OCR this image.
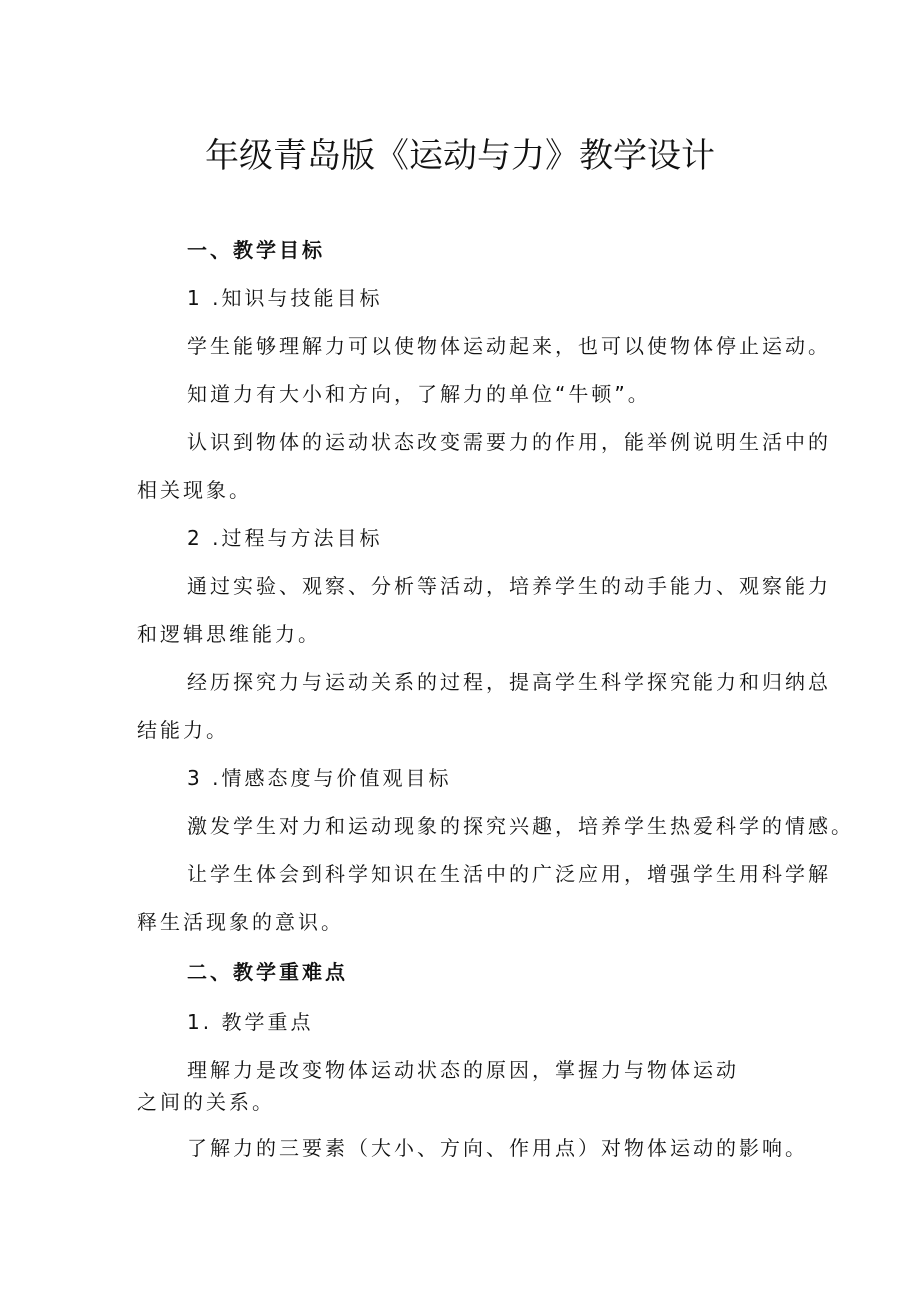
年级青岛版《运动与力》教学设计

一、教学目标

1 .知识与技能目标

学生能够理解力可以使物体运动起来，也可以使物体停止运动。

知道力有大小和方向，了解力的单位“牛顿”。

认识到物体的运动状态改变需要力的作用，能举例说明生活中的

相关现象。

2 .过程与方法目标

通过实验、观察、分析等活动，培养学生的动手能力、观察能力

和逻辑思维能力。

经历探究力与运动关系的过程，提高学生科学探究能力和归纳总

结能力。

3 .情感态度与价值观目标

激发学生对力和运动现象的探究兴趣，培养学生热爱科学的情感。

让学生体会到科学知识在生活中的广泛应用，增强学生用科学解

释生活现象的意识。

二、教学重难点

1. 教学重点

理解力是改变物体运动状态的原因，掌握力与物体运动

之间的关系。

了解力的三要素（大小、方向、作用点）对物体运动的影响。
